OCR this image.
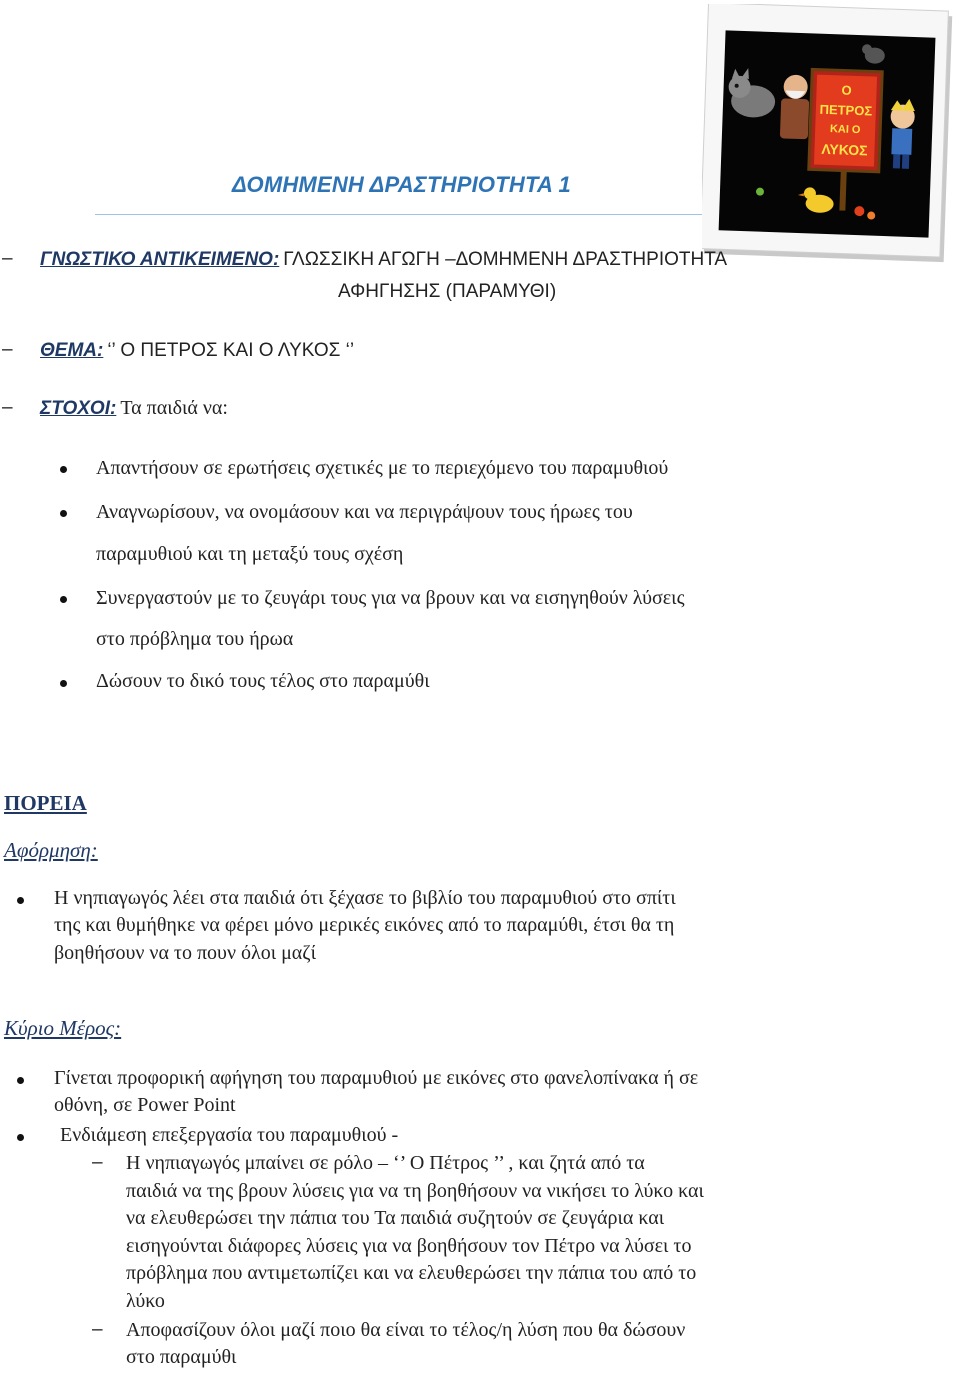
ΔΟΜΗΜΕΝΗ ΔΡΑΣΤΗΡΙΟΤΗΤΑ 1
Ο
ΠΕΤΡΟΣ
ΚΑΙ Ο
ΛΥΚΟΣ
– ΓΝΩΣΤΙΚΟ ΑΝΤΙΚΕΙΜΕΝΟ: ΓΛΩΣΣΙΚΗ ΑΓΩΓΗ –ΔΟΜΗΜΕΝΗ ΔΡΑΣΤΗΡΙΟΤΗΤΑ
ΑΦΗΓΗΣΗΣ (ΠΑΡΑΜΥΘΙ)
– ΘΕΜΑ: ‘’ Ο ΠΕΤΡΟΣ ΚΑΙ Ο ΛΥΚΟΣ ‘’
– ΣΤΟΧΟΙ: Τα παιδιά να:
Απαντήσουν σε ερωτήσεις σχετικές με το περιεχόμενο του παραμυθιού
Αναγνωρίσουν, να ονομάσουν και να περιγράψουν τους ήρωες του
παραμυθιού και τη μεταξύ τους σχέση
Συνεργαστούν με το ζευγάρι τους για να βρουν και να εισηγηθούν λύσεις
στο πρόβλημα του ήρωα
Δώσουν το δικό τους τέλος στο παραμύθι
ΠΟΡΕΙΑ
Αφόρμηση:
Η νηπιαγωγός λέει στα παιδιά ότι ξέχασε το βιβλίο του παραμυθιού στο σπίτι
της και θυμήθηκε να φέρει μόνο μερικές εικόνες από το παραμύθι, έτσι θα τη
βοηθήσουν να το πουν όλοι μαζί
Κύριο Μέρος:
Γίνεται προφορική αφήγηση του παραμυθιού με εικόνες στο φανελοπίνακα ή σε
οθόνη, σε Power Point
Ενδιάμεση επεξεργασία του παραμυθιού -
– Η νηπιαγωγός μπαίνει σε ρόλο – ‘’ Ο Πέτρος ’’ , και ζητά από τα
παιδιά να της βρουν λύσεις για να τη βοηθήσουν να νικήσει το λύκο και
να ελευθερώσει την πάπια του Τα παιδιά συζητούν σε ζευγάρια και
εισηγούνται διάφορες λύσεις για να βοηθήσουν τον Πέτρο να λύσει το
πρόβλημα που αντιμετωπίζει και να ελευθερώσει την πάπια του από το
λύκο
– Αποφασίζουν όλοι μαζί ποιο θα είναι το τέλος/η λύση που θα δώσουν
στο παραμύθι
